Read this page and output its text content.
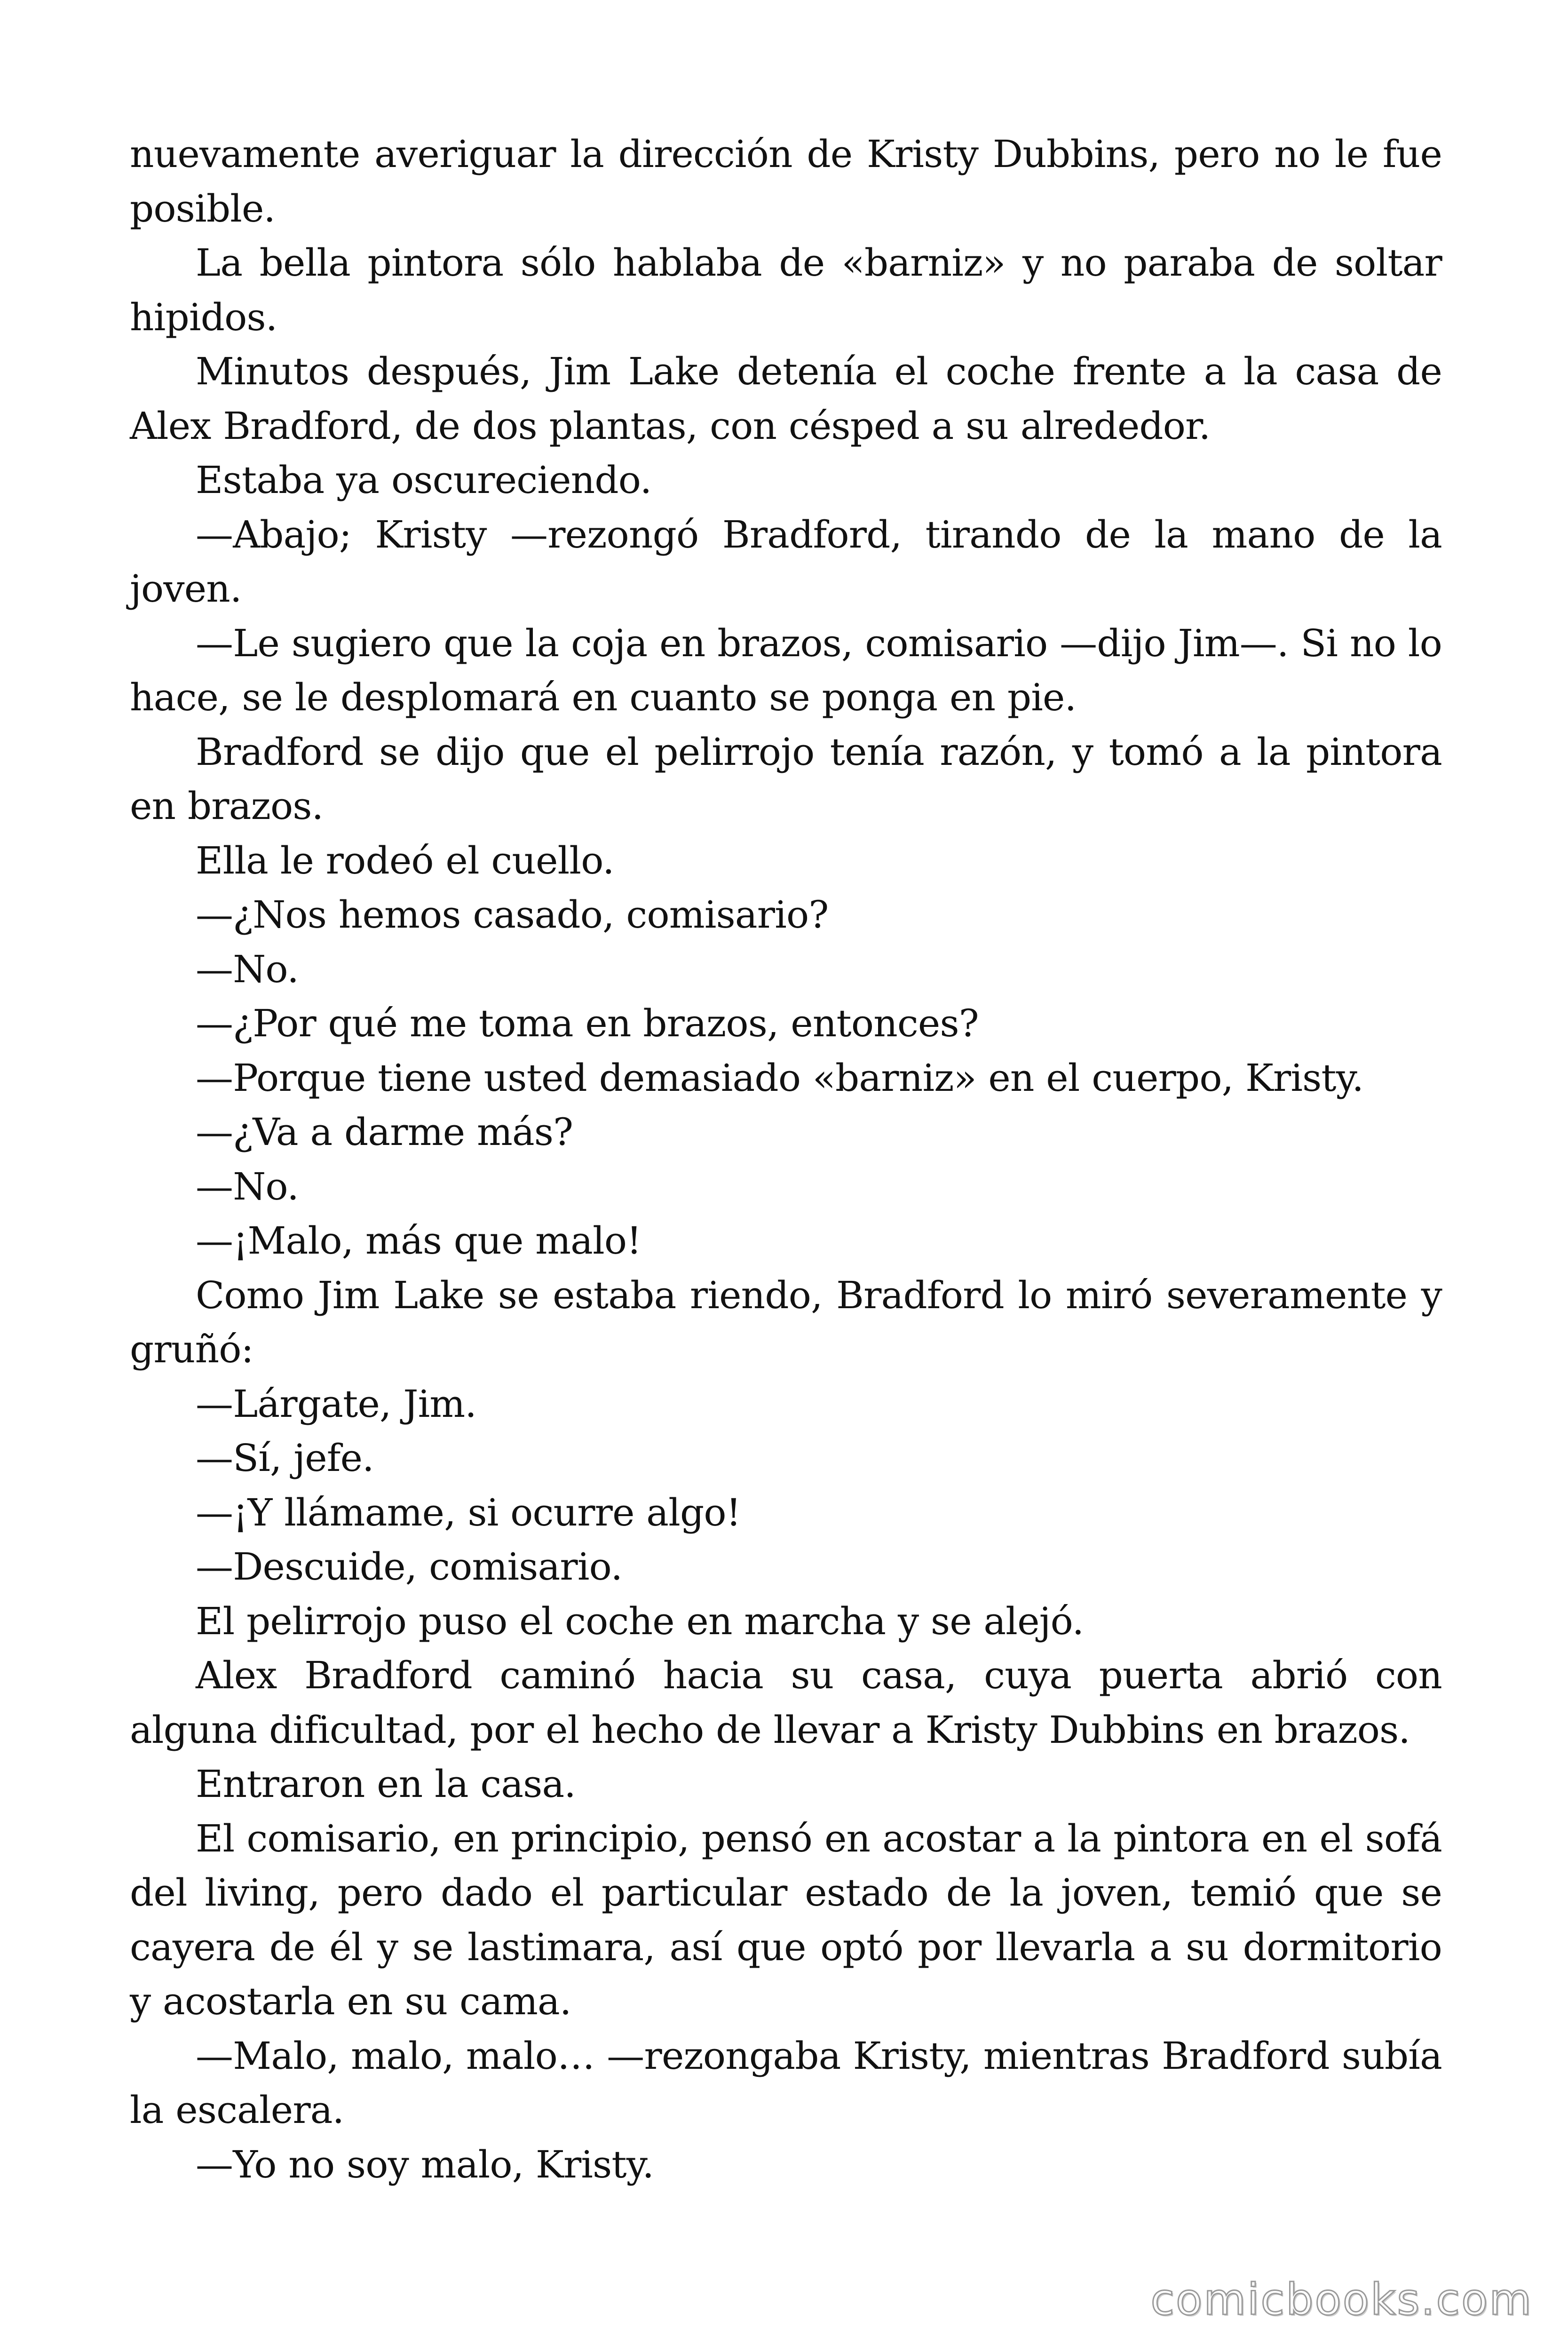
nuevamente averiguar la dirección de Kristy Dubbins, pero no le fue posible.

La bella pintora sólo hablaba de «barniz» y no paraba de soltar hipidos.

Minutos después, Jim Lake detenía el coche frente a la casa de Alex Bradford, de dos plantas, con césped a su alrededor.

Estaba ya oscureciendo.

—Abajo; Kristy —rezongó Bradford, tirando de la mano de la joven.

—Le sugiero que la coja en brazos, comisario —dijo Jim—. Si no lo hace, se le desplomará en cuanto se ponga en pie.

Bradford se dijo que el pelirrojo tenía razón, y tomó a la pintora en brazos.

Ella le rodeó el cuello.

—¿Nos hemos casado, comisario?

—No.

—¿Por qué me toma en brazos, entonces?

—Porque tiene usted demasiado «barniz» en el cuerpo, Kristy.

—¿Va a darme más?

—No.

—¡Malo, más que malo!

Como Jim Lake se estaba riendo, Bradford lo miró severamente y gruñó:

—Lárgate, Jim.

—Sí, jefe.

—¡Y llámame, si ocurre algo!

—Descuide, comisario.

El pelirrojo puso el coche en marcha y se alejó.

Alex Bradford caminó hacia su casa, cuya puerta abrió con alguna dificultad, por el hecho de llevar a Kristy Dubbins en brazos.

Entraron en la casa.

El comisario, en principio, pensó en acostar a la pintora en el sofá del living, pero dado el particular estado de la joven, temió que se cayera de él y se lastimara, así que optó por llevarla a su dormitorio y acostarla en su cama.

—Malo, malo, malo… —rezongaba Kristy, mientras Bradford subía la escalera.

—Yo no soy malo, Kristy.

comicbooks.com
